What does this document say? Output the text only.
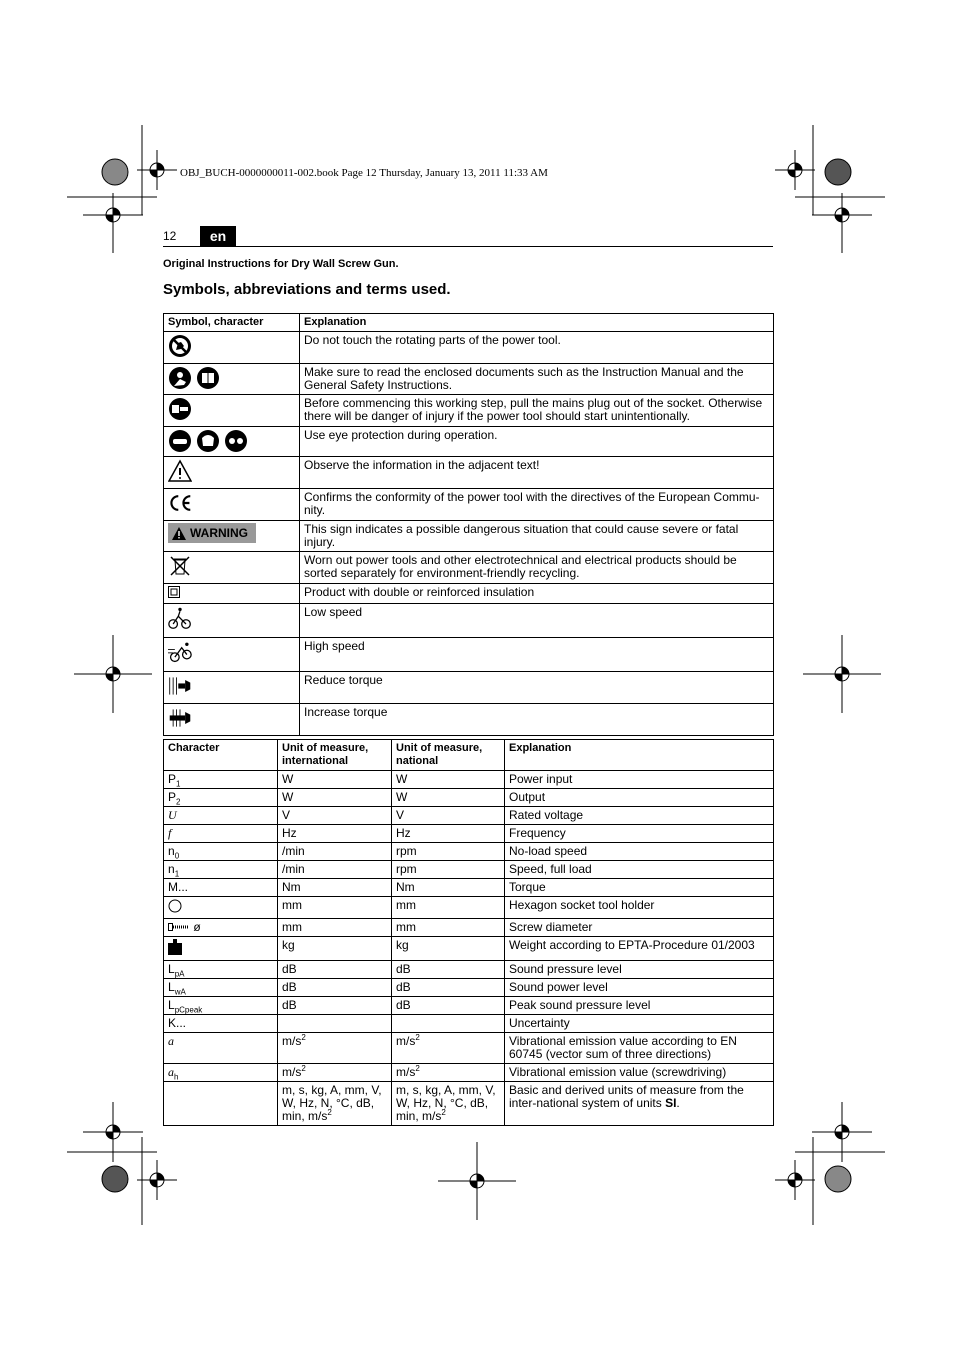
OBJ_BUCH-0000000011-002.book Page 12 Thursday, January 13, 2011 11:33 AM
12	en
Original Instructions for Dry Wall Screw Gun.
Symbols, abbreviations and terms used.
Symbol, character	Explanation
	Do not touch the rotating parts of the power tool.

	Make sure to read the enclosed documents such as the Instruction Manual and the General Safety Instructions.
	Before commencing this working step, pull the mains plug out of the socket. Otherwise there will be danger of injury if the power tool should start unintentionally.

	Use eye protection during operation.
	Observe the information in the adjacent text!
	Confirms the conformity of the power tool with the directives of the European Commu-nity.

WARNING	This sign indicates a possible dangerous situation that could cause severe or fatal injury.
	Worn out power tools and other electrotechnical and electrical products should be sorted separately for environment-friendly recycling.
	Product with double or reinforced insulation
	Low speed
	High speed
	Reduce torque
	Increase torque
Character	Unit of measure, international	Unit of measure, national	Explanation
$P_1$	W	W	Power input
$P_2$	W	W	Output
U	V	V	Rated voltage
f	Hz	Hz	Frequency
$n_0$	/min	rpm	No-load speed
$n_1$	/min	rpm	Speed, full load
M...	Nm	Nm	Torque
	mm	mm	Hexagon socket tool holder
ø	mm	mm	Screw diameter
	kg	kg	Weight according to EPTA-Procedure 01/2003
$L_{pA}$	dB	dB	Sound pressure level
$L_{wA}$	dB	dB	Sound power level
$L_{pCpeak}$	dB	dB	Peak sound pressure level
K...			Uncertainty
a	$m/s^2$	$m/s^2$	Vibrational emission value according to EN 60745 (vector sum of three directions)
$a_h$	$m/s^2$	$m/s^2$	Vibrational emission value (screwdriving)
	m, s, kg, A, mm, V, W, Hz, N, °C, dB, min, $m/s^2$	m, s, kg, A, mm, V, W, Hz, N, °C, dB, min, $m/s^2$	Basic and derived units of measure from the inter-national system of units SI.
